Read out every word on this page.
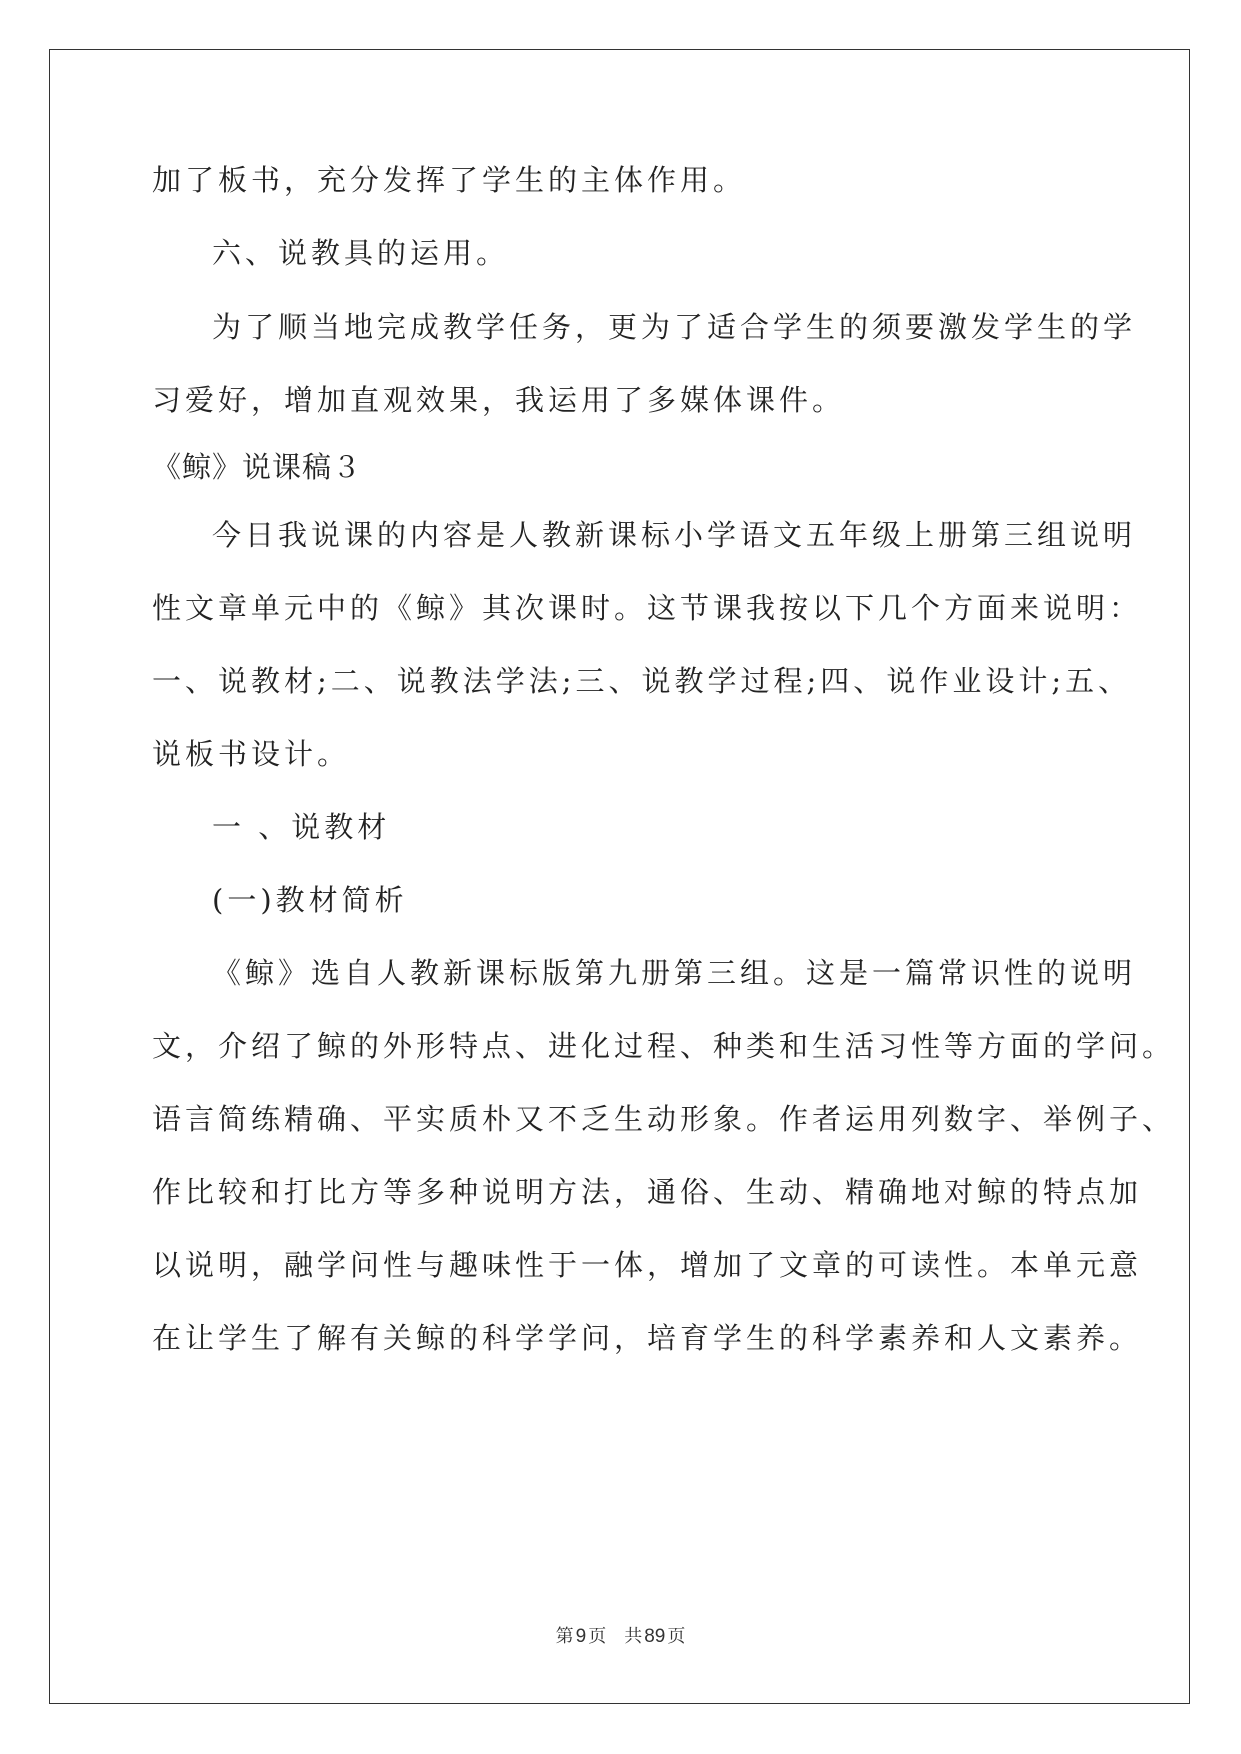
加了板书，充分发挥了学生的主体作用。
六、说教具的运用。
为了顺当地完成教学任务，更为了适合学生的须要激发学生的学
习爱好，增加直观效果，我运用了多媒体课件。
《鲸》说课稿３
今日我说课的内容是人教新课标小学语文五年级上册第三组说明
性文章单元中的《鲸》其次课时。这节课我按以下几个方面来说明：
一、说教材;二、说教法学法;三、说教学过程;四、说作业设计;五、
说板书设计。
一 、说教材
(一)教材简析
《鲸》选自人教新课标版第九册第三组。这是一篇常识性的说明
文，介绍了鲸的外形特点、进化过程、种类和生活习性等方面的学问。
语言简练精确、平实质朴又不乏生动形象。作者运用列数字、举例子、
作比较和打比方等多种说明方法，通俗、生动、精确地对鲸的特点加
以说明，融学问性与趣味性于一体，增加了文章的可读性。本单元意
在让学生了解有关鲸的科学学问，培育学生的科学素养和人文素养。
第 9 页　共 89 页
